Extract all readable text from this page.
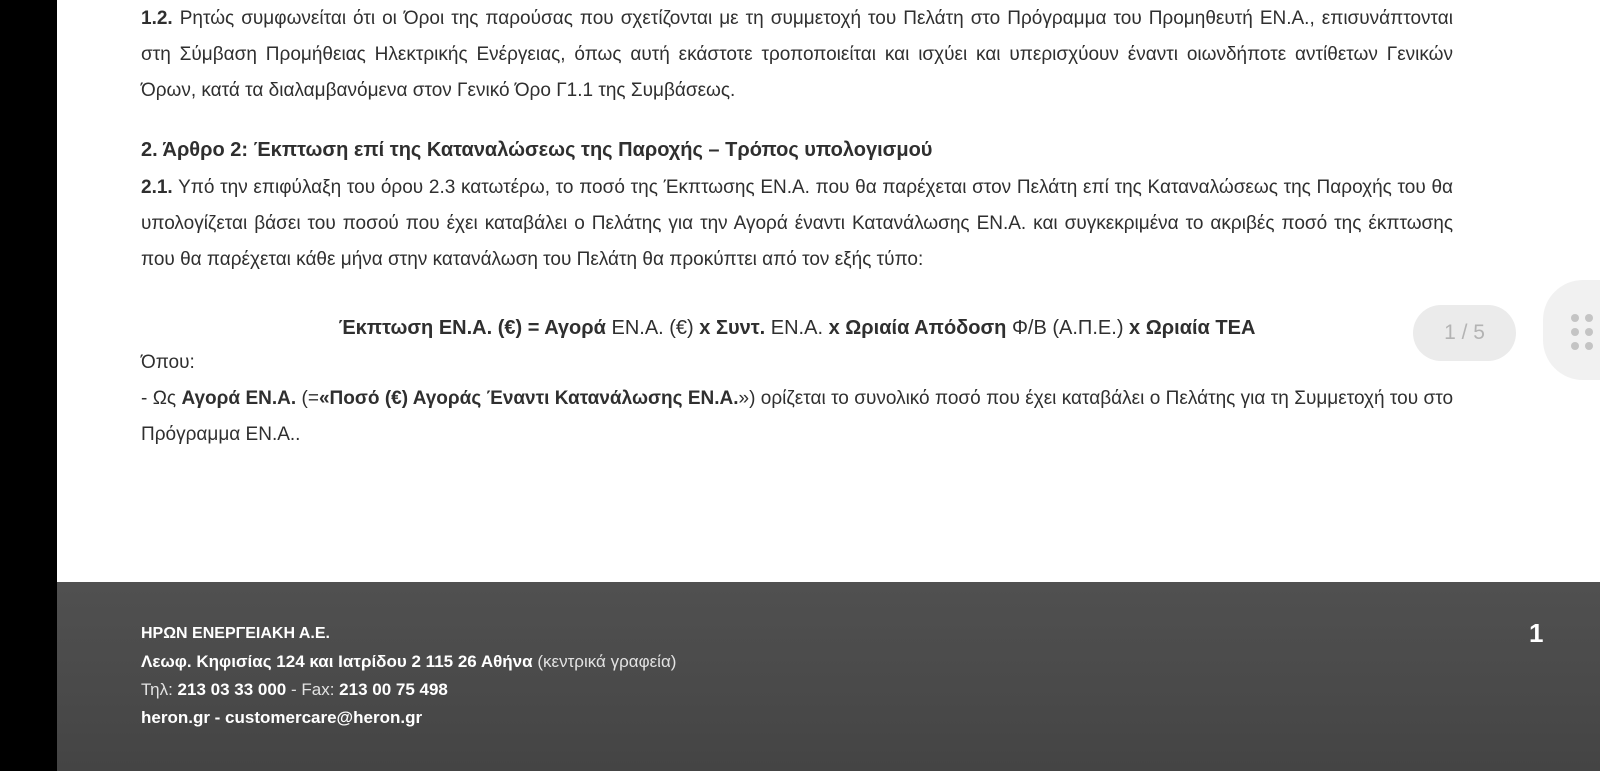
1.2. Ρητώς συμφωνείται ότι οι Όροι της παρούσας που σχετίζονται με τη συμμετοχή του Πελάτη στο Πρόγραμμα του Προμηθευτή ΕΝ.Α., επισυνάπτονται στη Σύμβαση Προμήθειας Ηλεκτρικής Ενέργειας, όπως αυτή εκάστοτε τροποποιείται και ισχύει και υπερισχύουν έναντι οιωνδήποτε αντίθετων Γενικών Όρων, κατά τα διαλαμβανόμενα στον Γενικό Όρο Γ1.1 της Συμβάσεως.

2. Άρθρο 2: Έκπτωση επί της Καταναλώσεως της Παροχής – Τρόπος υπολογισμού

2.1. Υπό την επιφύλαξη του όρου 2.3 κατωτέρω, το ποσό της Έκπτωσης ΕΝ.Α. που θα παρέχεται στον Πελάτη επί της Καταναλώσεως της Παροχής του θα υπολογίζεται βάσει του ποσού που έχει καταβάλει ο Πελάτης για την Αγορά έναντι Κατανάλωσης ΕΝ.Α. και συγκεκριμένα το ακριβές ποσό της έκπτωσης που θα παρέχεται κάθε μήνα στην κατανάλωση του Πελάτη θα προκύπτει από τον εξής τύπο:

Έκπτωση ΕΝ.Α. (€) = Αγορά ΕΝ.Α. (€) x Συντ. ΕΝ.Α. x Ωριαία Απόδοση Φ/Β (Α.Π.Ε.) x Ωριαία ΤΕΑ

Όπου:

- Ως Αγορά ΕΝ.Α. (=«Ποσό (€) Αγοράς Έναντι Κατανάλωσης ΕΝ.Α.») ορίζεται το συνολικό ποσό που έχει καταβάλει ο Πελάτης για τη Συμμετοχή του στο Πρόγραμμα ΕΝ.Α..

ΗΡΩΝ ΕΝΕΡΓΕΙΑΚΗ Α.Ε.
Λεωφ. Κηφισίας 124 και Ιατρίδου 2 115 26 Αθήνα (κεντρικά γραφεία)
Τηλ: 213 03 33 000 - Fax: 213 00 75 498
heron.gr - customercare@heron.gr
1
1 / 5
